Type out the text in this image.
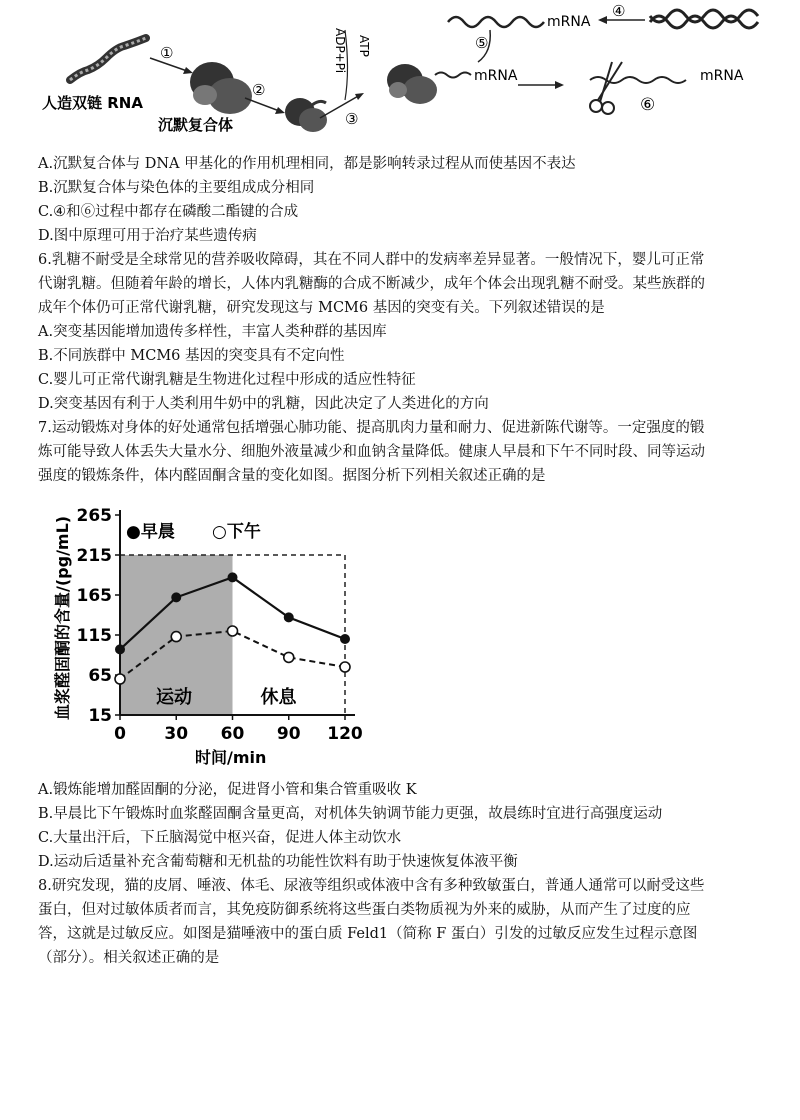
mRNA
④
⑤
人造双链 RNA
①
沉默复合体
②
ATP
ADP+Pi
③
mRNA	mRNA
⑥
A.沉默复合体与 DNA 甲基化的作用机理相同，都是影响转录过程从而使基因不表达
B.沉默复合体与染色体的主要组成成分相同
C.④和⑥过程中都存在磷酸二酯键的合成
D.图中原理可用于治疗某些遗传病
6.乳糖不耐受是全球常见的营养吸收障碍，其在不同人群中的发病率差异显著。一般情况下，婴儿可正常
代谢乳糖。但随着年龄的增长，人体内乳糖酶的合成不断减少，成年个体会出现乳糖不耐受。某些族群的
成年个体仍可正常代谢乳糖，研究发现这与 MCM6 基因的突变有关。下列叙述错误的是
A.突变基因能增加遗传多样性，丰富人类种群的基因库
B.不同族群中 MCM6 基因的突变具有不定向性
C.婴儿可正常代谢乳糖是生物进化过程中形成的适应性特征
D.突变基因有利于人类利用牛奶中的乳糖，因此决定了人类进化的方向
7.运动锻炼对身体的好处通常包括增强心肺功能、提高肌肉力量和耐力、促进新陈代谢等。一定强度的锻
炼可能导致人体丢失大量水分、细胞外液量减少和血钠含量降低。健康人早晨和下午不同时段、同等运动
强度的锻炼条件，体内醛固酮含量的变化如图。据图分析下列相关叙述正确的是
15
65
115
165
215
265
0 30 60 90 120
●早晨 ○下午
运动	休息
时间/min
血浆醛固酮的含量/(pg/mL)
A.锻炼能增加醛固酮的分泌，促进肾小管和集合管重吸收 K
B.早晨比下午锻炼时血浆醛固酮含量更高，对机体失钠调节能力更强，故晨练时宜进行高强度运动
C.大量出汗后，下丘脑渴觉中枢兴奋，促进人体主动饮水
D.运动后适量补充含葡萄糖和无机盐的功能性饮料有助于快速恢复体液平衡
8.研究发现，猫的皮屑、唾液、体毛、尿液等组织或体液中含有多种致敏蛋白，普通人通常可以耐受这些
蛋白，但对过敏体质者而言，其免疫防御系统将这些蛋白类物质视为外来的威胁，从而产生了过度的应
答，这就是过敏反应。如图是猫唾液中的蛋白质 Feld1（简称 F 蛋白）引发的过敏反应发生过程示意图
（部分）。相关叙述正确的是
